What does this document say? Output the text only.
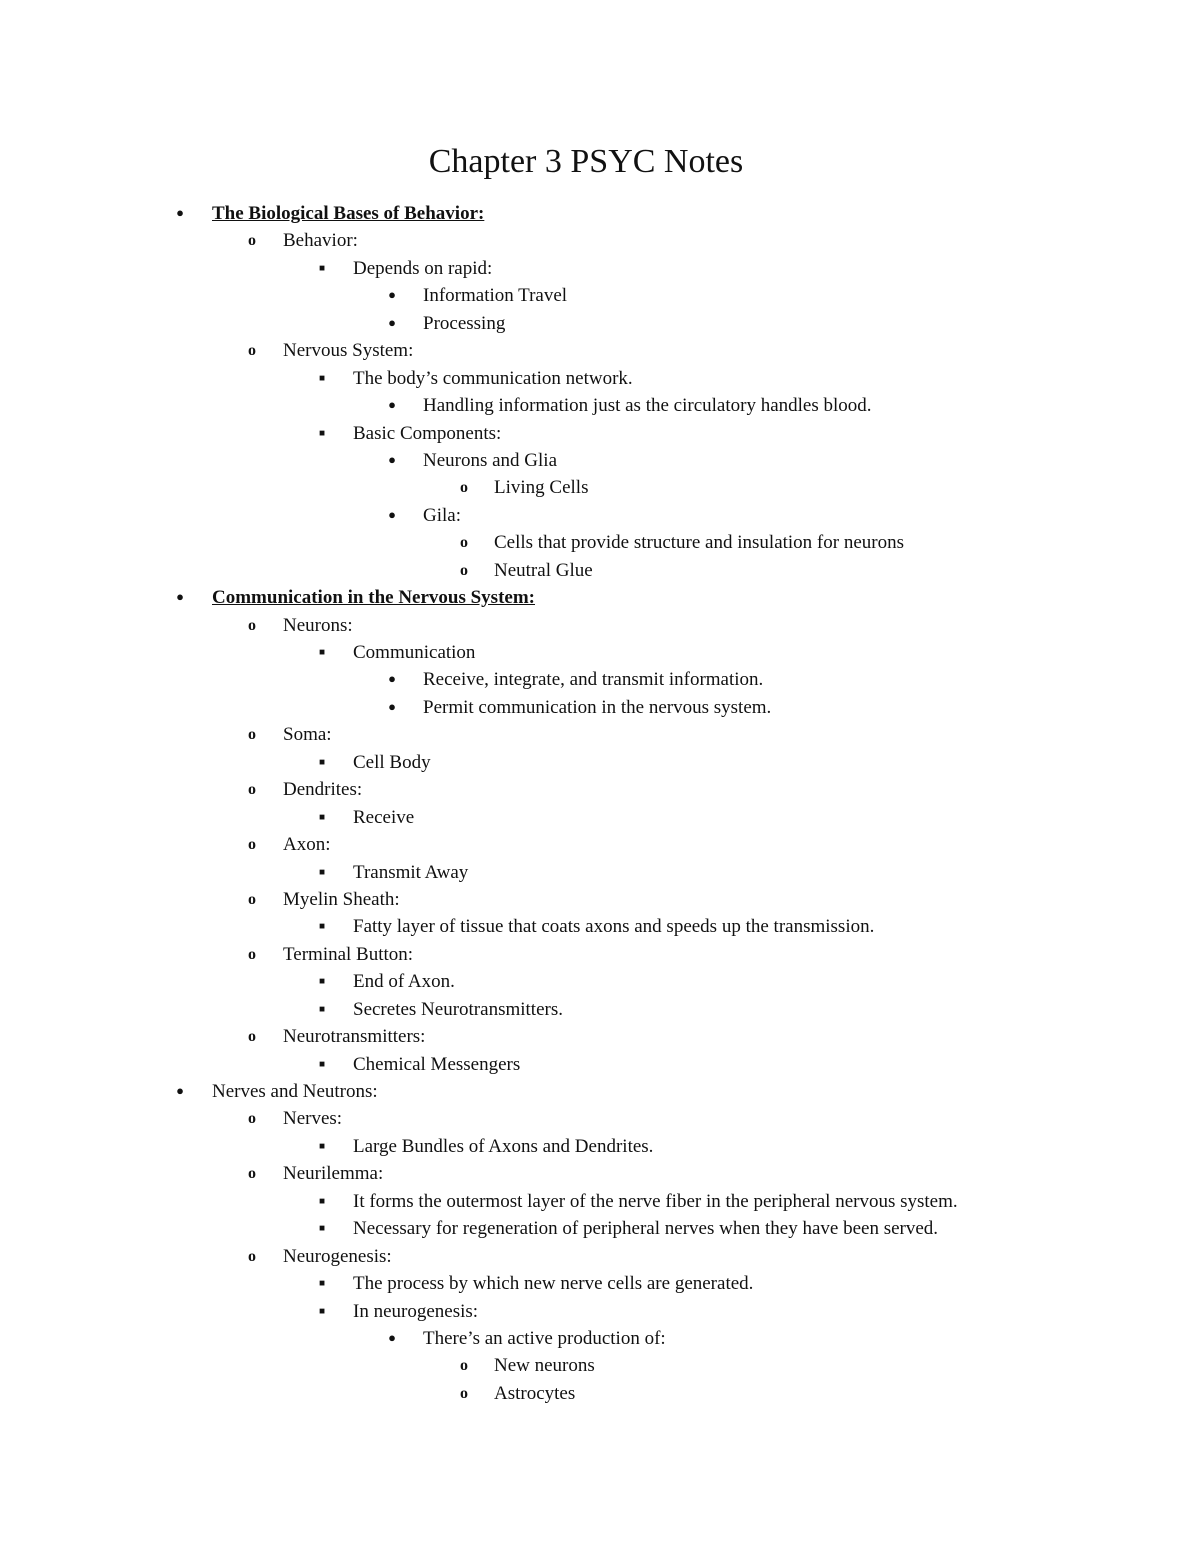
Chapter 3 PSYC Notes
●	The Biological Bases of Behavior:
o	Behavior:
■	Depends on rapid:
●	Information Travel
●	Processing
o	Nervous System:
■	The body’s communication network.
●	Handling information just as the circulatory handles blood.
■	Basic Components:
●	Neurons and Glia
o	Living Cells
●	Gila:
o	Cells that provide structure and insulation for neurons
o	Neutral Glue
●	Communication in the Nervous System:
o	Neurons:
■	Communication
●	Receive, integrate, and transmit information.
●	Permit communication in the nervous system.
o	Soma:
■	Cell Body
o	Dendrites:
■	Receive
o	Axon:
■	Transmit Away
o	Myelin Sheath:
■	Fatty layer of tissue that coats axons and speeds up the transmission.
o	Terminal Button:
■	End of Axon.
■	Secretes Neurotransmitters.
o	Neurotransmitters:
■	Chemical Messengers
●	Nerves and Neutrons:
o	Nerves:
■	Large Bundles of Axons and Dendrites.
o	Neurilemma:
■	It forms the outermost layer of the nerve fiber in the peripheral nervous system.
■	Necessary for regeneration of peripheral nerves when they have been served.
o	Neurogenesis:
■	The process by which new nerve cells are generated.
■	In neurogenesis:
●	There’s an active production of:
o	New neurons
o	Astrocytes
